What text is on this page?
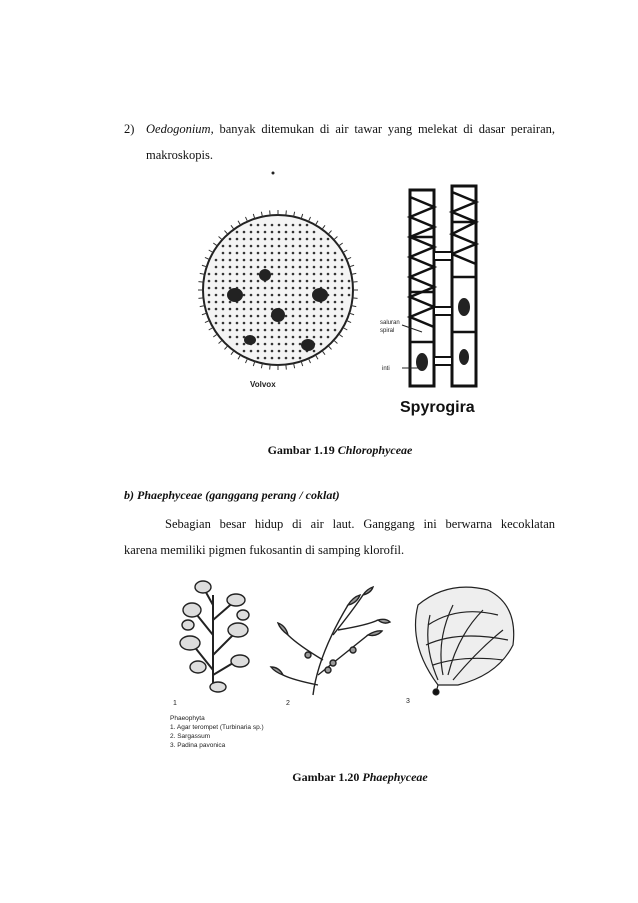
2) Oedogonium, banyak ditemukan di air tawar yang melekat di dasar perairan,
makroskopis.
Volvox
saluran
spiral
inti
Spyrogira
Gambar 1.19 Chlorophyceae
b) Phaephyceae (ganggang perang / coklat)
Sebagian besar hidup di air laut. Ganggang ini berwarna kecoklatan
karena memiliki pigmen fukosantin di samping klorofil.
1	2	3
Phaeophyta
1. Agar terompet (Turbinaria sp.)
2. Sargassum
3. Padina pavonica
Gambar 1.20 Phaephyceae
